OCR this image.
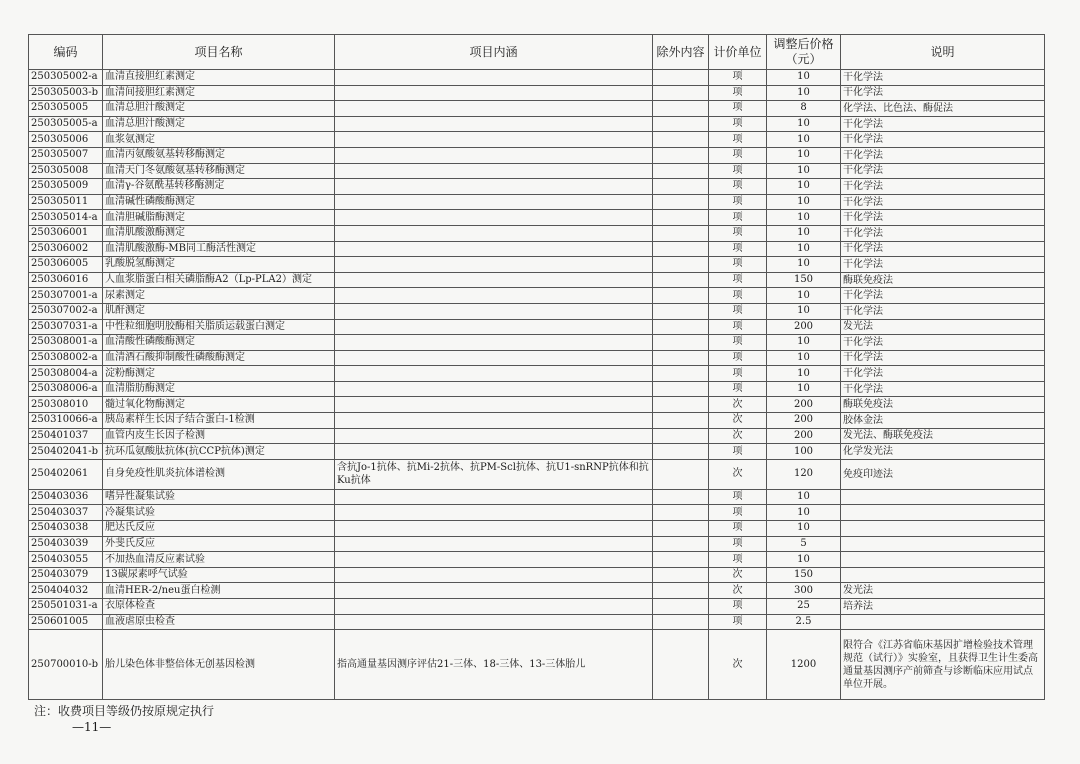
编码	项目名称	项目内涵	除外内容	计价单位	调整后价格（元）	说明
250305002-a	血清直接胆红素测定			项	10	干化学法
250305003-b	血清间接胆红素测定			项	10	干化学法
250305005	血清总胆汁酸测定			项	8	化学法、比色法、酶促法
250305005-a	血清总胆汁酸测定			项	10	干化学法
250305006	血浆氨测定			项	10	干化学法
250305007	血清丙氨酸氨基转移酶测定			项	10	干化学法
250305008	血清天门冬氨酸氨基转移酶测定			项	10	干化学法
250305009	血清γ-谷氨酰基转移酶测定			项	10	干化学法
250305011	血清碱性磷酸酶测定			项	10	干化学法
250305014-a	血清胆碱脂酶测定			项	10	干化学法
250306001	血清肌酸激酶测定			项	10	干化学法
250306002	血清肌酸激酶-MB同工酶活性测定			项	10	干化学法
250306005	乳酸脱氢酶测定			项	10	干化学法
250306016	人血浆脂蛋白相关磷脂酶A2（Lp-PLA2）测定			项	150	酶联免疫法
250307001-a	尿素测定			项	10	干化学法
250307002-a	肌酐测定			项	10	干化学法
250307031-a	中性粒细胞明胶酶相关脂质运载蛋白测定			项	200	发光法
250308001-a	血清酸性磷酸酶测定			项	10	干化学法
250308002-a	血清酒石酸抑制酸性磷酸酶测定			项	10	干化学法
250308004-a	淀粉酶测定			项	10	干化学法
250308006-a	血清脂肪酶测定			项	10	干化学法
250308010	髓过氧化物酶测定			次	200	酶联免疫法
250310066-a	胰岛素样生长因子结合蛋白-1检测			次	200	胶体金法
250401037	血管内皮生长因子检测			次	200	发光法、酶联免疫法
250402041-b	抗环瓜氨酸肽抗体(抗CCP抗体)测定			项	100	化学发光法
250402061	自身免疫性肌炎抗体谱检测	含抗Jo-1抗体、抗Mi-2抗体、抗PM-Scl抗体、抗U1-snRNP抗体和抗Ku抗体		次	120	免疫印迹法
250403036	嗜异性凝集试验			项	10	
250403037	冷凝集试验			项	10	
250403038	肥达氏反应			项	10	
250403039	外斐氏反应			项	5	
250403055	不加热血清反应素试验			项	10	
250403079	13碳尿素呼气试验			次	150	
250404032	血清HER-2/neu蛋白检测			次	300	发光法
250501031-a	衣原体检查			项	25	培养法
250601005	血液虐原虫检查			项	2.5	
250700010-b	胎儿染色体非整倍体无创基因检测	指高通量基因测序评估21-三体、18-三体、13-三体胎儿		次	1200	限符合《江苏省临床基因扩增检验技术管理规范（试行）》实验室，且获得卫生计生委高通量基因测序产前筛查与诊断临床应用试点单位开展。
注：收费项目等级仍按原规定执行
—11—
